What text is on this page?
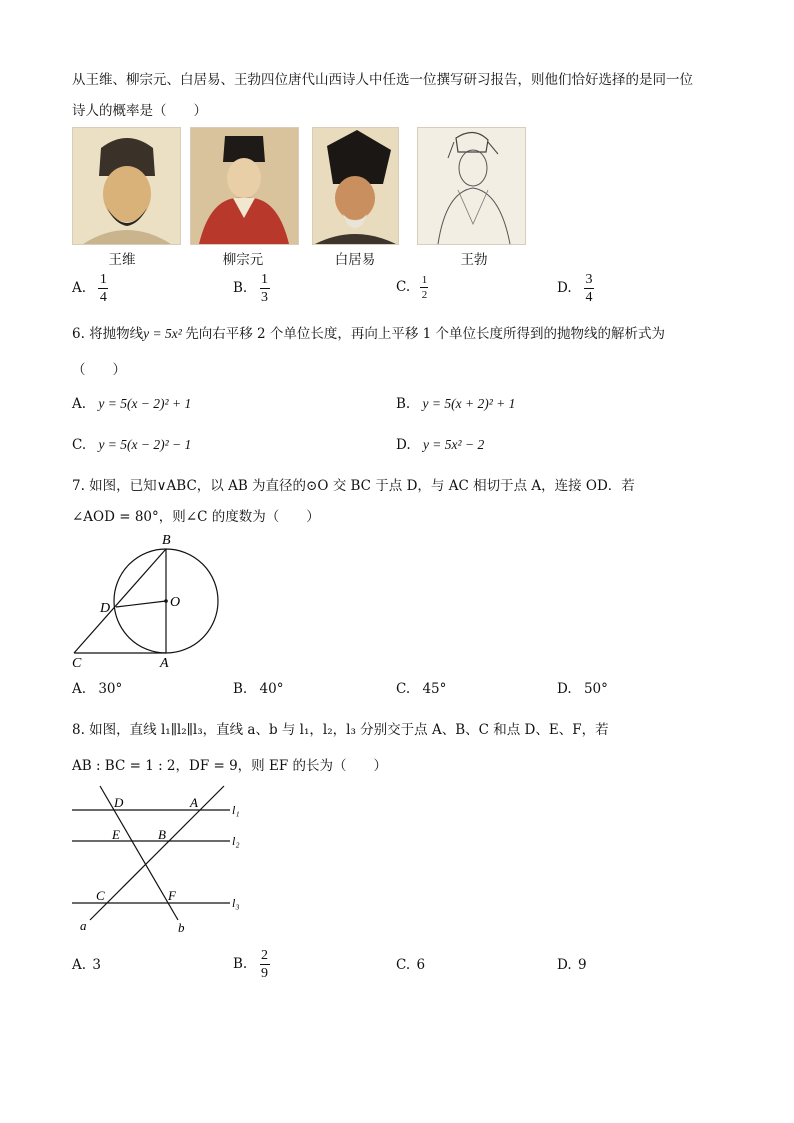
从王维、柳宗元、白居易、王勃四位唐代山西诗人中任选一位撰写研习报告，则他们恰好选择的是同一位
诗人的概率是（　　）
王维	柳宗元	白居易	王勃
A. $\frac{1}{4}$	B. $\frac{1}{3}$	C. $\frac{1}{2}$	D. $\frac{3}{4}$
6. 将抛物线y = 5x² 先向右平移 2 个单位长度，再向上平移 1 个单位长度所得到的抛物线的解析式为
（　　）
A. y = 5(x − 2)² + 1	B. y = 5(x + 2)² + 1
C. y = 5(x − 2)² − 1	D. y = 5x² − 2
7. 如图，已知∨ABC，以 AB 为直径的⊙O 交 BC 于点 D，与 AC 相切于点 A，连接 OD．若
∠AOD = 80°，则∠C 的度数为（　　）
B
O
D
C	A
A. 30°	B. 40°	C. 45°	D. 50°
8. 如图，直线 l₁∥l₂∥l₃，直线 a、b 与 l₁，l₂，l₃ 分别交于点 A、B、C 和点 D、E、F，若
AB : BC = 1 : 2，DF = 9，则 EF 的长为（　　）
D	A
E	B
C	F
a	b
l₁
l₂
l₃
A. 3	B. $\frac{2}{9}$	C. 6	D. 9
